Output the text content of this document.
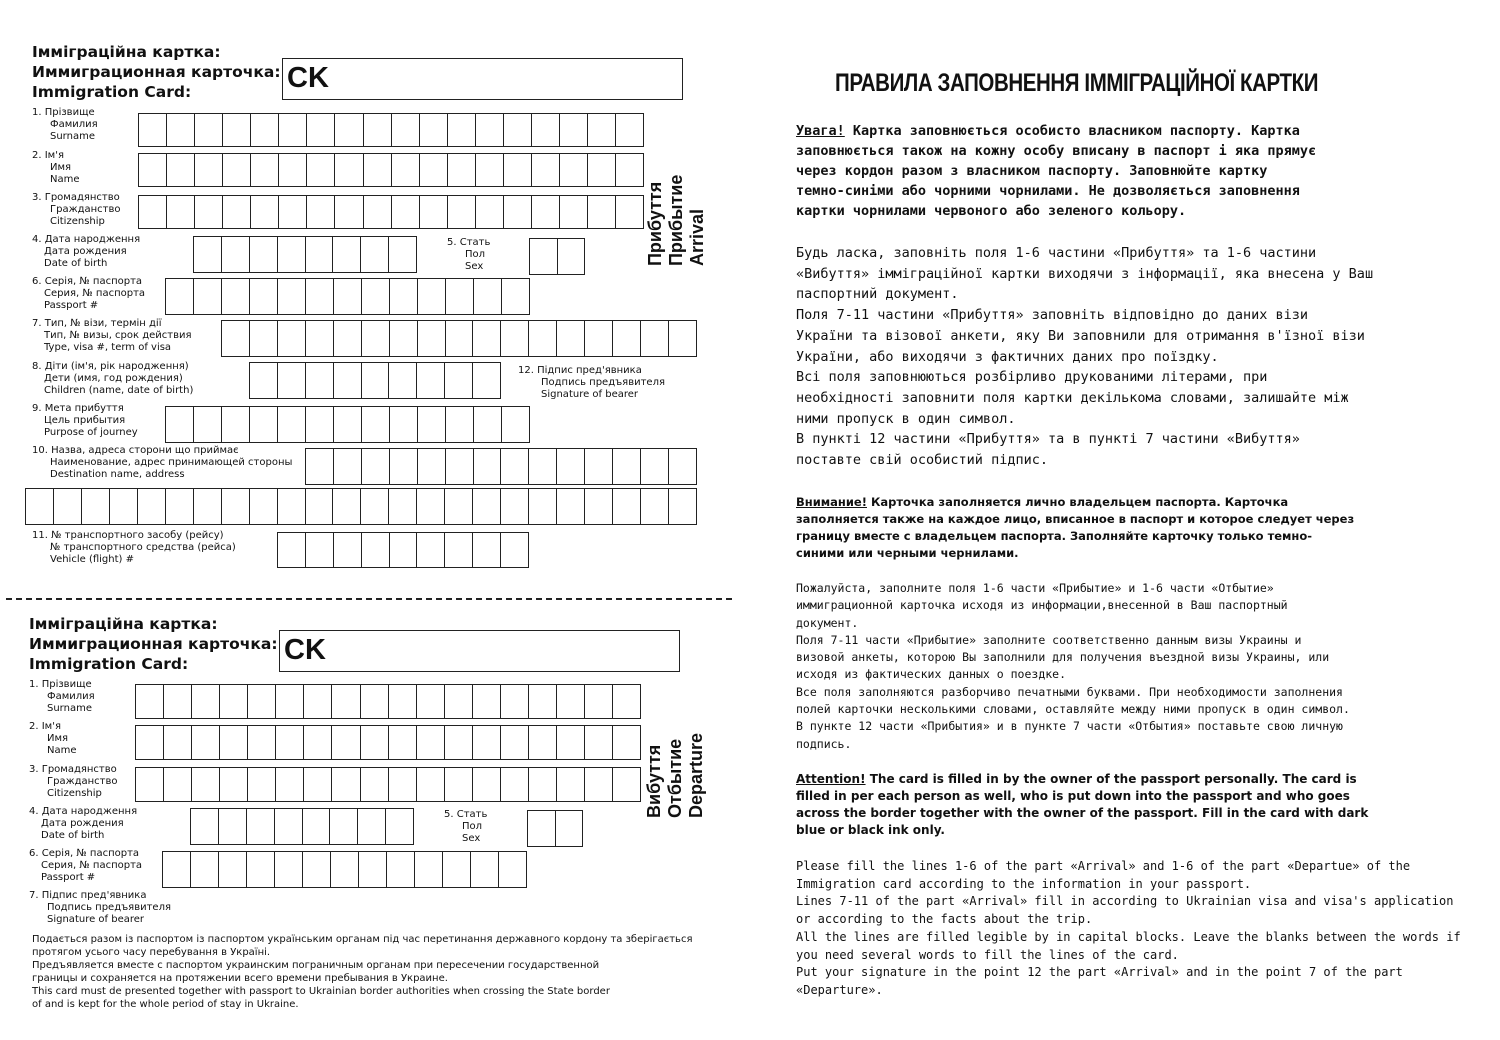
Імміграційна картка:
Иммиграционная карточка:
Immigration Card:	CK
1. Прізвище
Фамилия
Surname
2. Ім'я
Имя
Name
3. Громадянство
Гражданство
Citizenship
4. Дата народження
Дата рождения
Date of birth
5. Стать
Пол
Sex
6. Серія, № паспорта
Серия, № паспорта
Passport #
7. Тип, № візи, термін дії
Тип, № визы, срок действия
Type, visa #, term of visa
8. Діти (ім'я, рік народження)
Дети (имя, год рождения)
Children (name, date of birth)
12. Підпис пред'явника
Подпись предъявителя
Signature of bearer
9. Мета прибуття
Цель прибытия
Purpose of journey
10. Назва, адреса сторони що приймає
Наименование, адрес принимающей стороны
Destination name, address
11. № транспортного засобу (рейсу)
№ транспортного средства (рейса)
Vehicle (flight) #
Прибуття Прибытие Arrival
Імміграційна картка:
Иммиграционная карточка:
Immigration Card:	CK
1. Прізвище
Фамилия
Surname
2. Ім'я
Имя
Name
3. Громадянство
Гражданство
Citizenship
4. Дата народження
Дата рождения
Date of birth
5. Стать
Пол
Sex
6. Серія, № паспорта
Серия, № паспорта
Passport #
7. Підпис пред'явника
Подпись предъявителя
Signature of bearer
Вибуття Отбытие Departure
Подається разом із паспортом із паспортом українським органам під час перетинання державного кордону та зберігається
протягом усього часу перебування в Україні.
Предъявляется вместе с паспортом украинским пограничным органам при пересечении государственной
границы и сохраняется на протяжении всего времени пребывания в Украине.
This card must de presented together with passport to Ukrainian border authorities when crossing the State border
of and is kept for the whole period of stay in Ukraine.
ПРАВИЛА ЗАПОВНЕННЯ ІММІГРАЦІЙНОЇ КАРТКИ
Увага! Картка заповнюється особисто власником паспорту. Картка
заповнюється також на кожну особу вписану в паспорт і яка прямує
через кордон разом з власником паспорту. Заповнюйте картку
темно-синіми або чорними чорнилами. Не дозволяється заповнення
картки чорнилами червоного або зеленого кольору.
Будь ласка, заповніть поля 1-6 частини «Прибуття» та 1-6 частини
«Вибуття» імміграційної картки виходячи з інформації, яка внесена у Ваш
паспортний документ.
Поля 7-11 частини «Прибуття» заповніть відповідно до даних візи
України та візової анкети, яку Ви заповнили для отримання в'їзної візи
України, або виходячи з фактичних даних про поїздку.
Всі поля заповнюються розбірливо друкованими літерами, при
необхідності заповнити поля картки декількома словами, залишайте між
ними пропуск в один символ.
В пункті 12 частини «Прибуття» та в пункті 7 частини «Вибуття»
поставте свій особистий підпис.
Внимание! Карточка заполняется лично владельцем паспорта. Карточка
заполняется также на каждое лицо, вписанное в паспорт и которое следует через
границу вместе с владельцем паспорта. Заполняйте карточку только темно-
синими или черными чернилами.
Пожалуйста, заполните поля 1-6 части «Прибытие» и 1-6 части «Отбытие»
иммиграционной карточка исходя из информации,внесенной в Ваш паспортный
документ.
Поля 7-11 части «Прибытие» заполните соответственно данным визы Украины и
визовой анкеты, которою Вы заполнили для получения въездной визы Украины, или
исходя из фактических данных о поездке.
Все поля заполняются разборчиво печатными буквами. При необходимости заполнения
полей карточки несколькими словами, оставляйте между ними пропуск в один символ.
В пункте 12 части «Прибытия» и в пункте 7 части «Отбытия» поставьте свою личную
подпись.
Attention! The card is filled in by the owner of the passport personally. The card is
filled in per each person as well, who is put down into the passport and who goes
across the border together with the owner of the passport. Fill in the card with dark
blue or black ink only.
Please fill the lines 1-6 of the part «Arrival» and 1-6 of the part «Departue» of the
Immigration card according to the information in your passport.
Lines 7-11 of the part «Arrival» fill in according to Ukrainian visa and visa's application
or according to the facts about the trip.
All the lines are filled legible by in capital blocks. Leave the blanks between the words if
you need several words to fill the lines of the card.
Put your signature in the point 12 the part «Arrival» and in the point 7 of the part
«Departure».
